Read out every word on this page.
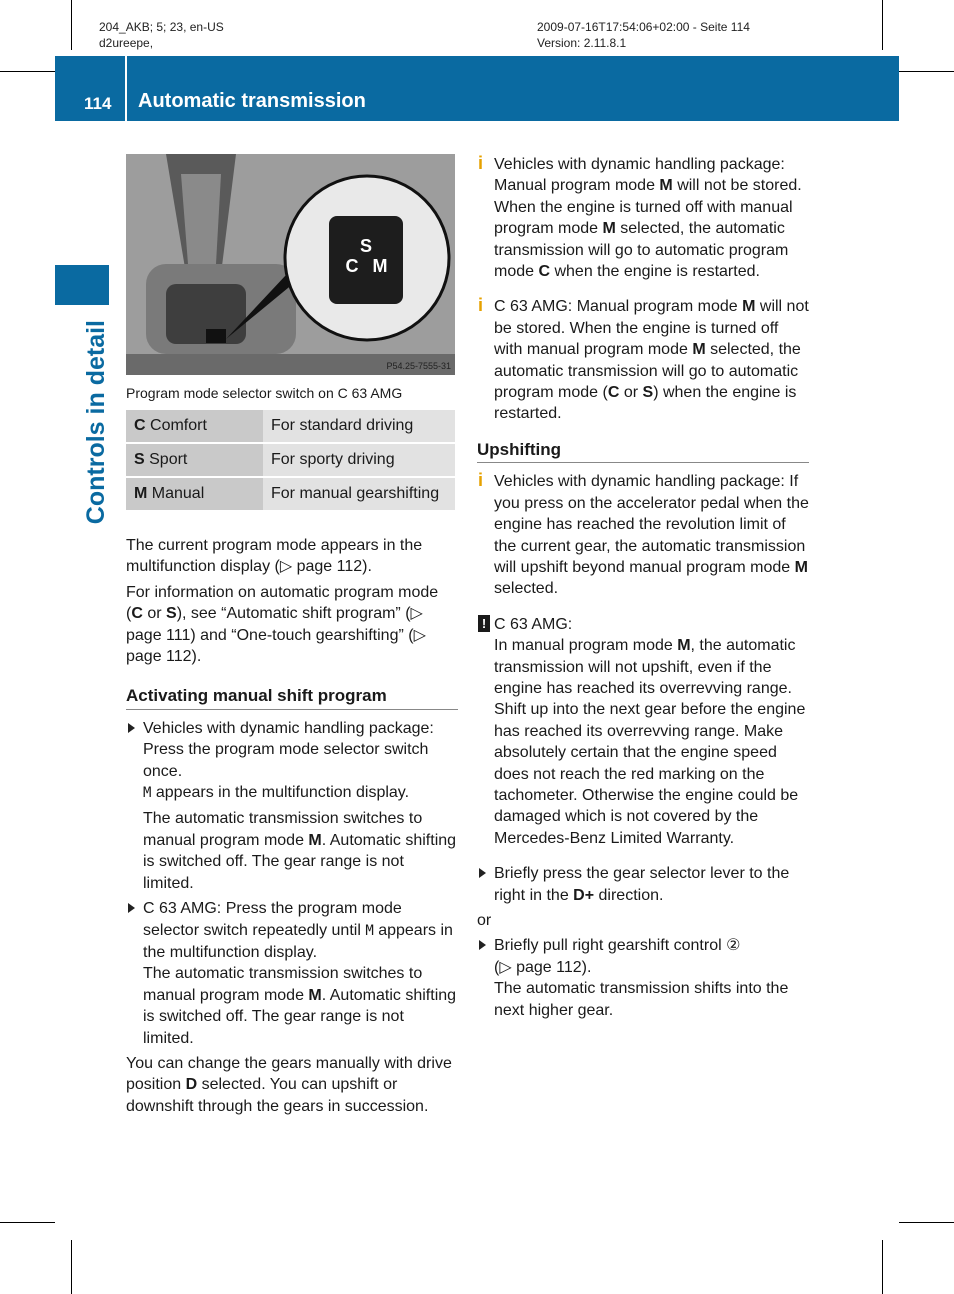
204_AKB; 5; 23, en-US
d2ureepe,
2009-07-16T17:54:06+02:00 - Seite 114
Version: 2.11.8.1
114 Automatic transmission
Controls in detail
S
C M
P54.25-7555-31
Program mode selector switch on C 63 AMG
C Comfort	For standard driving
S Sport	For sporty driving
M Manual	For manual gearshifting

The current program mode appears in the multifunction display (▷ page 112).

For information on automatic program mode (C or S), see “Automatic shift program” (▷ page 111) and “One-touch gearshifting” (▷ page 112).

Activating manual shift program
Vehicles with dynamic handling package: Press the program mode selector switch once.
M appears in the multifunction display.
The automatic transmission switches to manual program mode M. Automatic shifting is switched off. The gear range is not limited.
C 63 AMG: Press the program mode selector switch repeatedly until M appears in the multifunction display.
The automatic transmission switches to manual program mode M. Automatic shifting is switched off. The gear range is not limited.

You can change the gears manually with drive position D selected. You can upshift or downshift through the gears in succession.

i Vehicles with dynamic handling package: Manual program mode M will not be stored. When the engine is turned off with manual program mode M selected, the automatic transmission will go to automatic program mode C when the engine is restarted.
i C 63 AMG: Manual program mode M will not be stored. When the engine is turned off with manual program mode M selected, the automatic transmission will go to automatic program mode (C or S) when the engine is restarted.
Upshifting
i Vehicles with dynamic handling package: If you press on the accelerator pedal when the engine has reached the revolution limit of the current gear, the automatic transmission will upshift beyond manual program mode M selected.
! C 63 AMG:
In manual program mode M, the automatic transmission will not upshift, even if the engine has reached its overrevving range. Shift up into the next gear before the engine has reached its overrevving range. Make absolutely certain that the engine speed does not reach the red marking on the tachometer. Otherwise the engine could be damaged which is not covered by the Mercedes-Benz Limited Warranty.
Briefly press the gear selector lever to the right in the D+ direction.

or

Briefly pull right gearshift control ②
(▷ page 112).
The automatic transmission shifts into the next higher gear.
